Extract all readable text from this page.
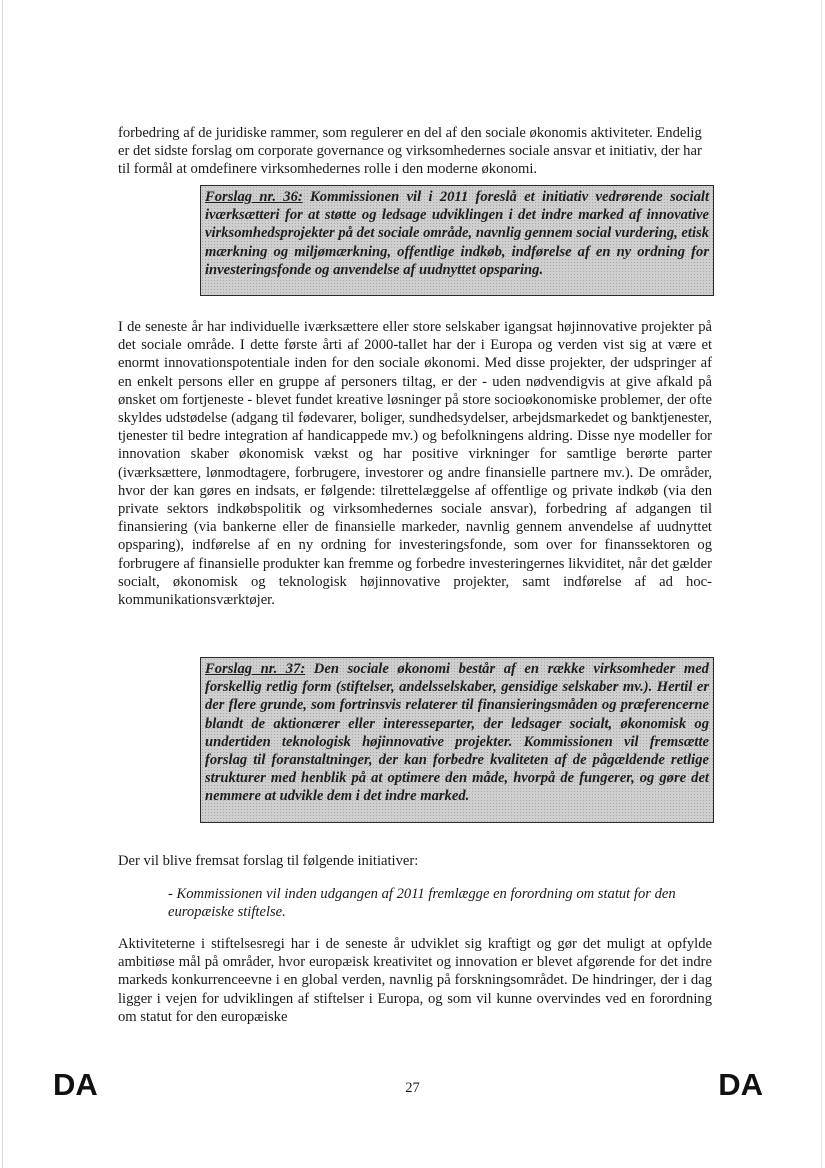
forbedring af de juridiske rammer, som regulerer en del af den sociale økonomis aktiviteter. Endelig er det sidste forslag om corporate governance og virksomhedernes sociale ansvar et initiativ, der har til formål at omdefinere virksomhedernes rolle i den moderne økonomi.

Forslag nr. 36: Kommissionen vil i 2011 foreslå et initiativ vedrørende socialt iværksætteri for at støtte og ledsage udviklingen i det indre marked af innovative virksomhedsprojekter på det sociale område, navnlig gennem social vurdering, etisk mærkning og miljømærkning, offentlige indkøb, indførelse af en ny ordning for investeringsfonde og anvendelse af uudnyttet opsparing.

I de seneste år har individuelle iværksættere eller store selskaber igangsat højinnovative projekter på det sociale område. I dette første årti af 2000-tallet har der i Europa og verden vist sig at være et enormt innovationspotentiale inden for den sociale økonomi. Med disse projekter, der udspringer af en enkelt persons eller en gruppe af personers tiltag, er der - uden nødvendigvis at give afkald på ønsket om fortjeneste - blevet fundet kreative løsninger på store socioøkonomiske problemer, der ofte skyldes udstødelse (adgang til fødevarer, boliger, sundhedsydelser, arbejdsmarkedet og banktjenester, tjenester til bedre integration af handicappede mv.) og befolkningens aldring. Disse nye modeller for innovation skaber økonomisk vækst og har positive virkninger for samtlige berørte parter (iværksættere, lønmodtagere, forbrugere, investorer og andre finansielle partnere mv.). De områder, hvor der kan gøres en indsats, er følgende: tilrettelæggelse af offentlige og private indkøb (via den private sektors indkøbspolitik og virksomhedernes sociale ansvar), forbedring af adgangen til finansiering (via bankerne eller de finansielle markeder, navnlig gennem anvendelse af uudnyttet opsparing), indførelse af en ny ordning for investeringsfonde, som over for finanssektoren og forbrugere af finansielle produkter kan fremme og forbedre investeringernes likviditet, når det gælder socialt, økonomisk og teknologisk højinnovative projekter, samt indførelse af ad hoc-kommunikationsværktøjer.

Forslag nr. 37: Den sociale økonomi består af en række virksomheder med forskellig retlig form (stiftelser, andelsselskaber, gensidige selskaber mv.). Hertil er der flere grunde, som fortrinsvis relaterer til finansieringsmåden og præferencerne blandt de aktionærer eller interesseparter, der ledsager socialt, økonomisk og undertiden teknologisk højinnovative projekter. Kommissionen vil fremsætte forslag til foranstaltninger, der kan forbedre kvaliteten af de pågældende retlige strukturer med henblik på at optimere den måde, hvorpå de fungerer, og gøre det nemmere at udvikle dem i det indre marked.

Der vil blive fremsat forslag til følgende initiativer:

- Kommissionen vil inden udgangen af 2011 fremlægge en forordning om statut for den europæiske stiftelse.

Aktiviteterne i stiftelsesregi har i de seneste år udviklet sig kraftigt og gør det muligt at opfylde ambitiøse mål på områder, hvor europæisk kreativitet og innovation er blevet afgørende for det indre markeds konkurrenceevne i en global verden, navnlig på forskningsområdet. De hindringer, der i dag ligger i vejen for udviklingen af stiftelser i Europa, og som vil kunne overvindes ved en forordning om statut for den europæiske

DA	27	DA
